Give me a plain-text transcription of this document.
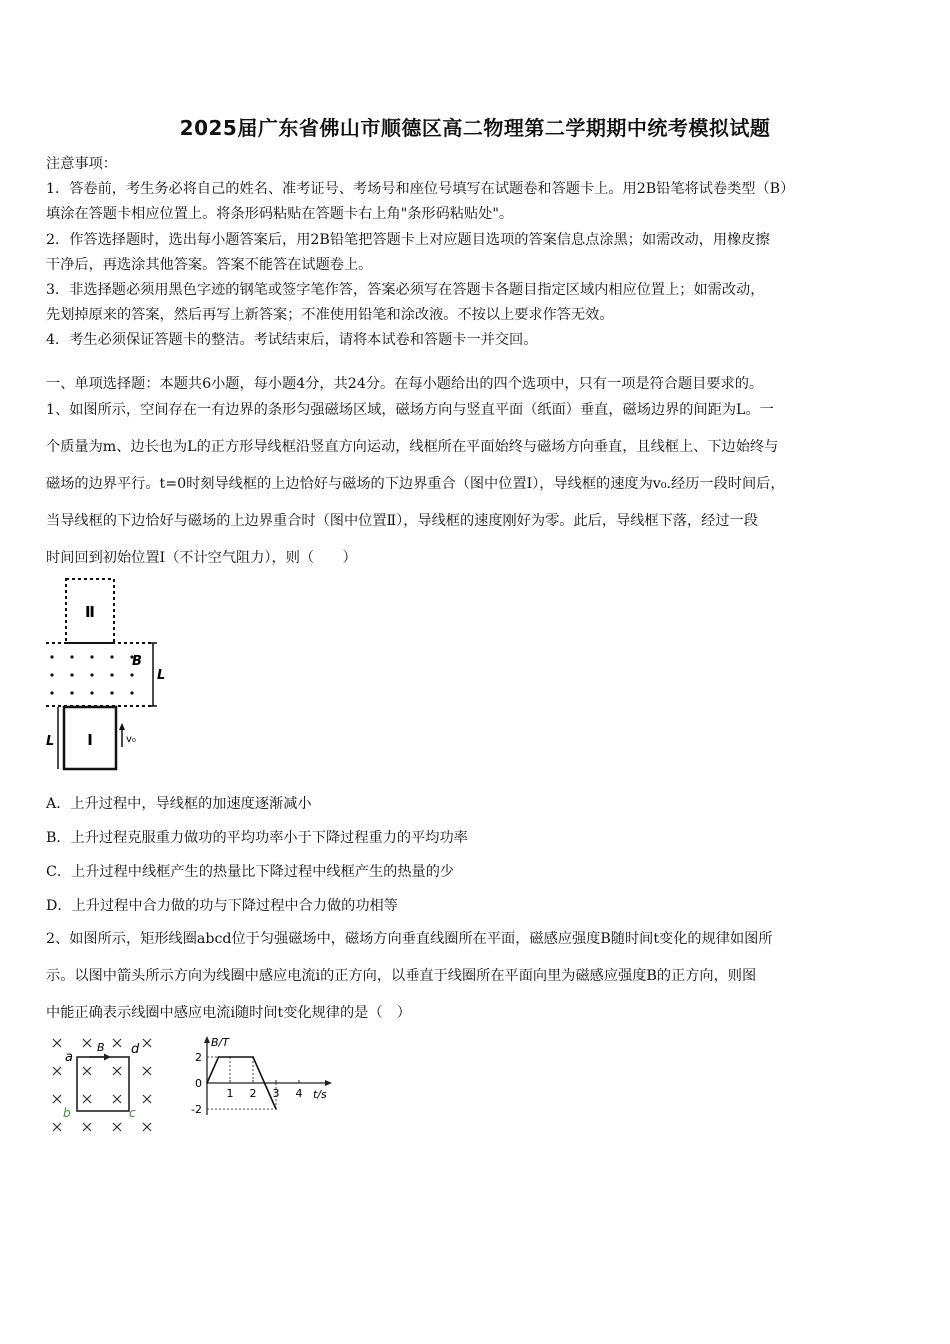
2025届广东省佛山市顺德区高二物理第二学期期中统考模拟试题
注意事项：
1．答卷前，考生务必将自己的姓名、准考证号、考场号和座位号填写在试题卷和答题卡上。用2B铅笔将试卷类型（B）
填涂在答题卡相应位置上。将条形码粘贴在答题卡右上角"条形码粘贴处"。
2．作答选择题时，选出每小题答案后，用2B铅笔把答题卡上对应题目选项的答案信息点涂黑；如需改动，用橡皮擦
干净后，再选涂其他答案。答案不能答在试题卷上。
3．非选择题必须用黑色字迹的钢笔或签字笔作答，答案必须写在答题卡各题目指定区域内相应位置上；如需改动，
先划掉原来的答案，然后再写上新答案；不准使用铅笔和涂改液。不按以上要求作答无效。
4．考生必须保证答题卡的整洁。考试结束后，请将本试卷和答题卡一并交回。
一、单项选择题：本题共6小题，每小题4分，共24分。在每小题给出的四个选项中，只有一项是符合题目要求的。
1、如图所示，空间存在一有边界的条形匀强磁场区域，磁场方向与竖直平面（纸面）垂直，磁场边界的间距为L。一
个质量为m、边长也为L的正方形导线框沿竖直方向运动，线框所在平面始终与磁场方向垂直，且线框上、下边始终与
磁场的边界平行。t=0时刻导线框的上边恰好与磁场的下边界重合（图中位置I），导线框的速度为v₀.经历一段时间后，
当导线框的下边恰好与磁场的上边界重合时（图中位置Ⅱ），导线框的速度刚好为零。此后，导线框下落，经过一段
时间回到初始位置I（不计空气阻力），则（　　）
Ⅱ
B
L
Ⅰ
L	v₀
A．上升过程中，导线框的加速度逐渐减小
B．上升过程克服重力做功的平均功率小于下降过程重力的平均功率
C．上升过程中线框产生的热量比下降过程中线框产生的热量的少
D．上升过程中合力做的功与下降过程中合力做的功相等
2、如图所示，矩形线圈abcd位于匀强磁场中，磁场方向垂直线圈所在平面，磁感应强度B随时间t变化的规律如图所
示。以图中箭头所示方向为线圈中感应电流i的正方向，以垂直于线圈所在平面向里为磁感应强度B的正方向，则图
中能正确表示线圈中感应电流i随时间t变化规律的是（　）
a
B d
b	c
B/T
t/s
2
0
-2
1 2 3 4
